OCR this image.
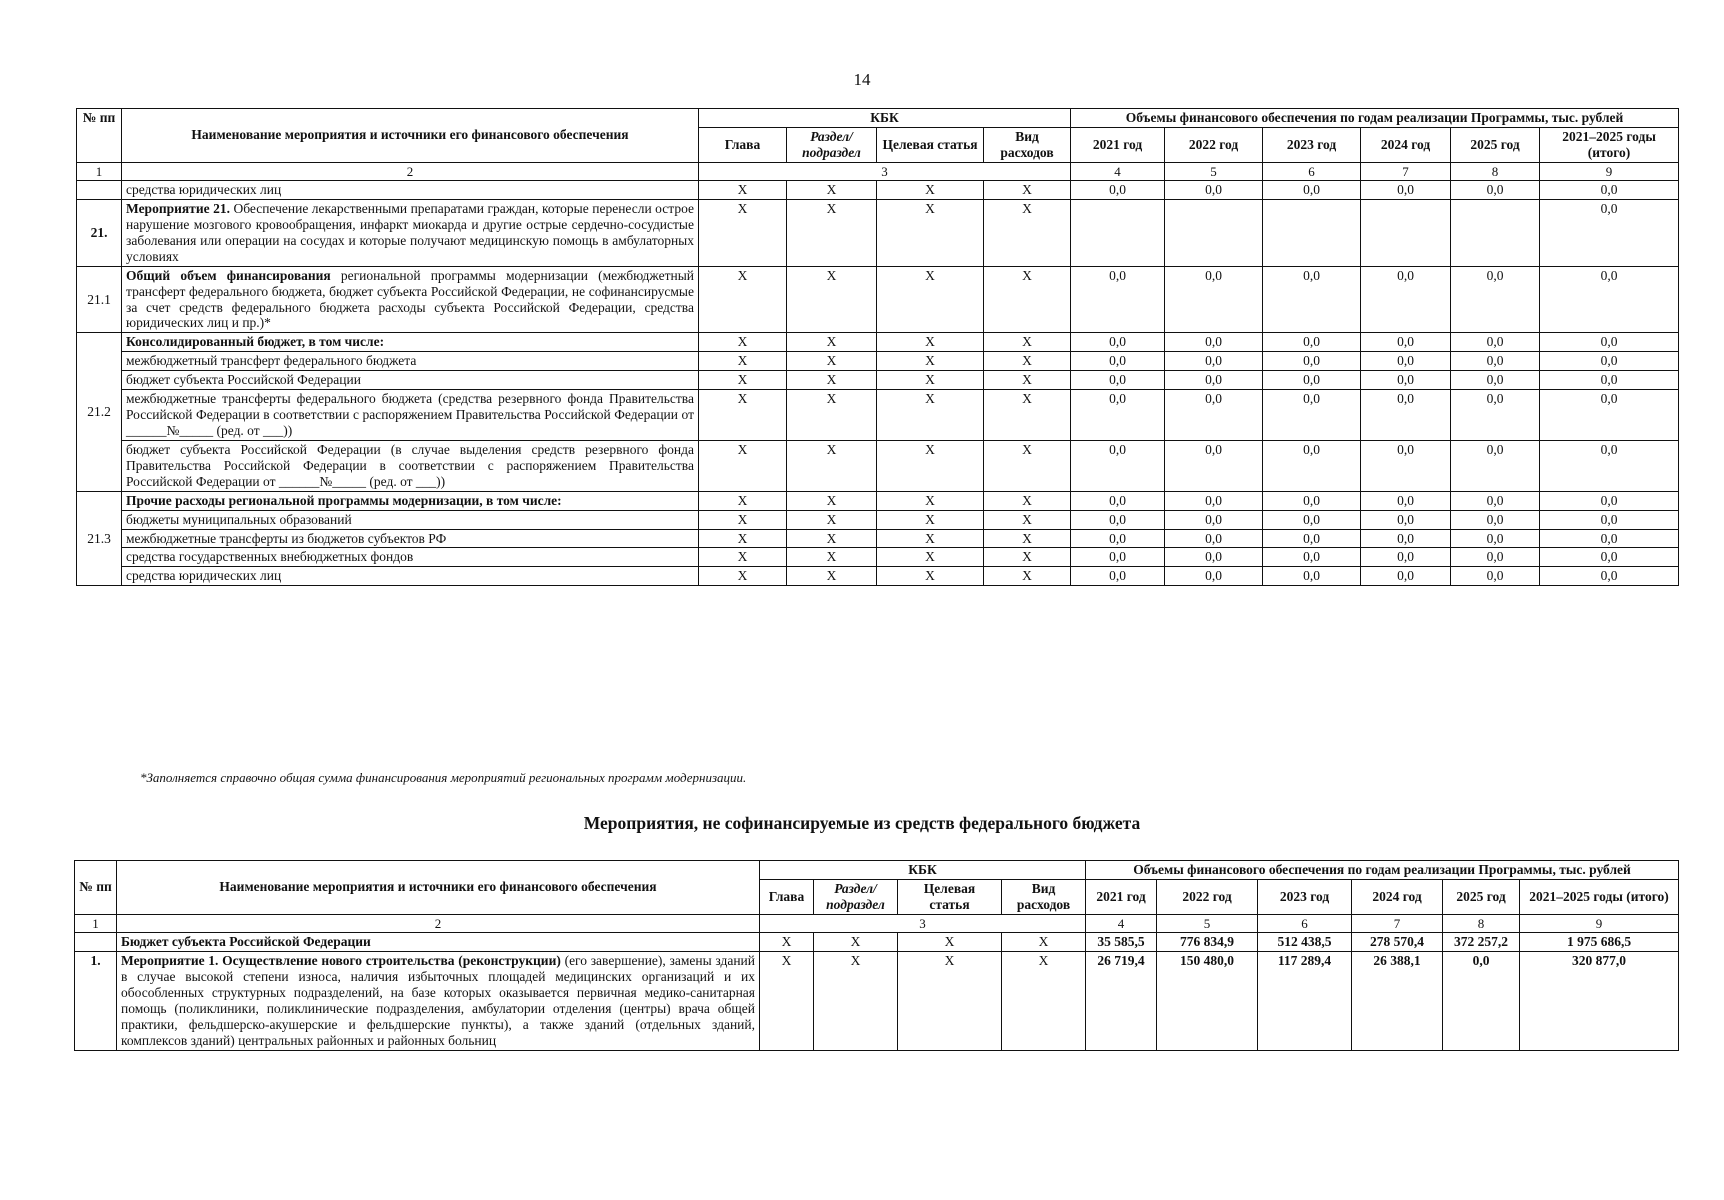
14
№ пп	Наименование мероприятия и источники его финансового обеспечения	КБК				Объемы финансового обеспечения по годам реализации Программы, тыс. рублей					
		Глава	Раздел/ подраздел	Целевая статья	Вид расходов	2021 год	2022 год	2023 год	2024 год	2025 год	2021–2025 годы (итого)
1	2	3				4	5	6	7	8	9
	средства юридических лиц	X	X	X	X	0,0	0,0	0,0	0,0	0,0	0,0
21.	Мероприятие 21. Обеспечение лекарственными препаратами граждан, которые перенесли острое нарушение мозгового кровообращения, инфаркт миокарда и другие острые сердечно-сосудистые заболевания или операции на сосудах и которые получают медицинскую помощь в амбулаторных условиях	X	X	X	X						0,0
21.1	Общий объем финансирования региональной программы модернизации (межбюджетный трансферт федерального бюджета, бюджет субъекта Российской Федерации, не софинансирусмые за счет средств федерального бюджета расходы субъекта Российской Федерации, средства юридических лиц и пр.)*	X	X	X	X	0,0	0,0	0,0	0,0	0,0	0,0
21.2	Консолидированный бюджет, в том числе:	X	X	X	X	0,0	0,0	0,0	0,0	0,0	0,0
	межбюджетный трансферт федерального бюджета	X	X	X	X	0,0	0,0	0,0	0,0	0,0	0,0
	бюджет субъекта Российской Федерации	X	X	X	X	0,0	0,0	0,0	0,0	0,0	0,0
	межбюджетные трансферты федерального бюджета (средства резервного фонда Правительства Российской Федерации в соответствии с распоряжением Правительства Российской Федерации от ______№_____ (ред. от ___))	X	X	X	X	0,0	0,0	0,0	0,0	0,0	0,0
	бюджет субъекта Российской Федерации (в случае выделения средств резервного фонда Правительства Российской Федерации в соответствии с распоряжением Правительства Российской Федерации от ______№_____ (ред. от ___))	X	X	X	X	0,0	0,0	0,0	0,0	0,0	0,0
21.3	Прочие расходы региональной программы модернизации, в том числе:	X	X	X	X	0,0	0,0	0,0	0,0	0,0	0,0
	бюджеты муниципальных образований	X	X	X	X	0,0	0,0	0,0	0,0	0,0	0,0
	межбюджетные трансферты из бюджетов субъектов РФ	X	X	X	X	0,0	0,0	0,0	0,0	0,0	0,0
	средства государственных внебюджетных фондов	X	X	X	X	0,0	0,0	0,0	0,0	0,0	0,0
	средства юридических лиц	X	X	X	X	0,0	0,0	0,0	0,0	0,0	0,0
*Заполняется справочно общая сумма финансирования мероприятий региональных программ модернизации.
Мероприятия, не софинансируемые из средств федерального бюджета
№ пп	Наименование мероприятия и источники его финансового обеспечения	КБК				Объемы финансового обеспечения по годам реализации Программы, тыс. рублей					
		Глава	Раздел/ подраздел	Целевая статья	Вид расходов	2021 год	2022 год	2023 год	2024 год	2025 год	2021–2025 годы (итого)
1	2	3				4	5	6	7	8	9
	Бюджет субъекта Российской Федерации	X	X	X	X	35 585,5	776 834,9	512 438,5	278 570,4	372 257,2	1 975 686,5
1.	Мероприятие 1. Осуществление нового строительства (реконструкции) (его завершение), замены зданий в случае высокой степени износа, наличия избыточных площадей медицинских организаций и их обособленных структурных подразделений, на базе которых оказывается первичная медико-санитарная помощь (поликлиники, поликлинические подразделения, амбулатории отделения (центры) врача общей практики, фельдшерско-акушерские и фельдшерские пункты), а также зданий (отдельных зданий, комплексов зданий) центральных районных и районных больниц	X	X	X	X	26 719,4	150 480,0	117 289,4	26 388,1	0,0	320 877,0
